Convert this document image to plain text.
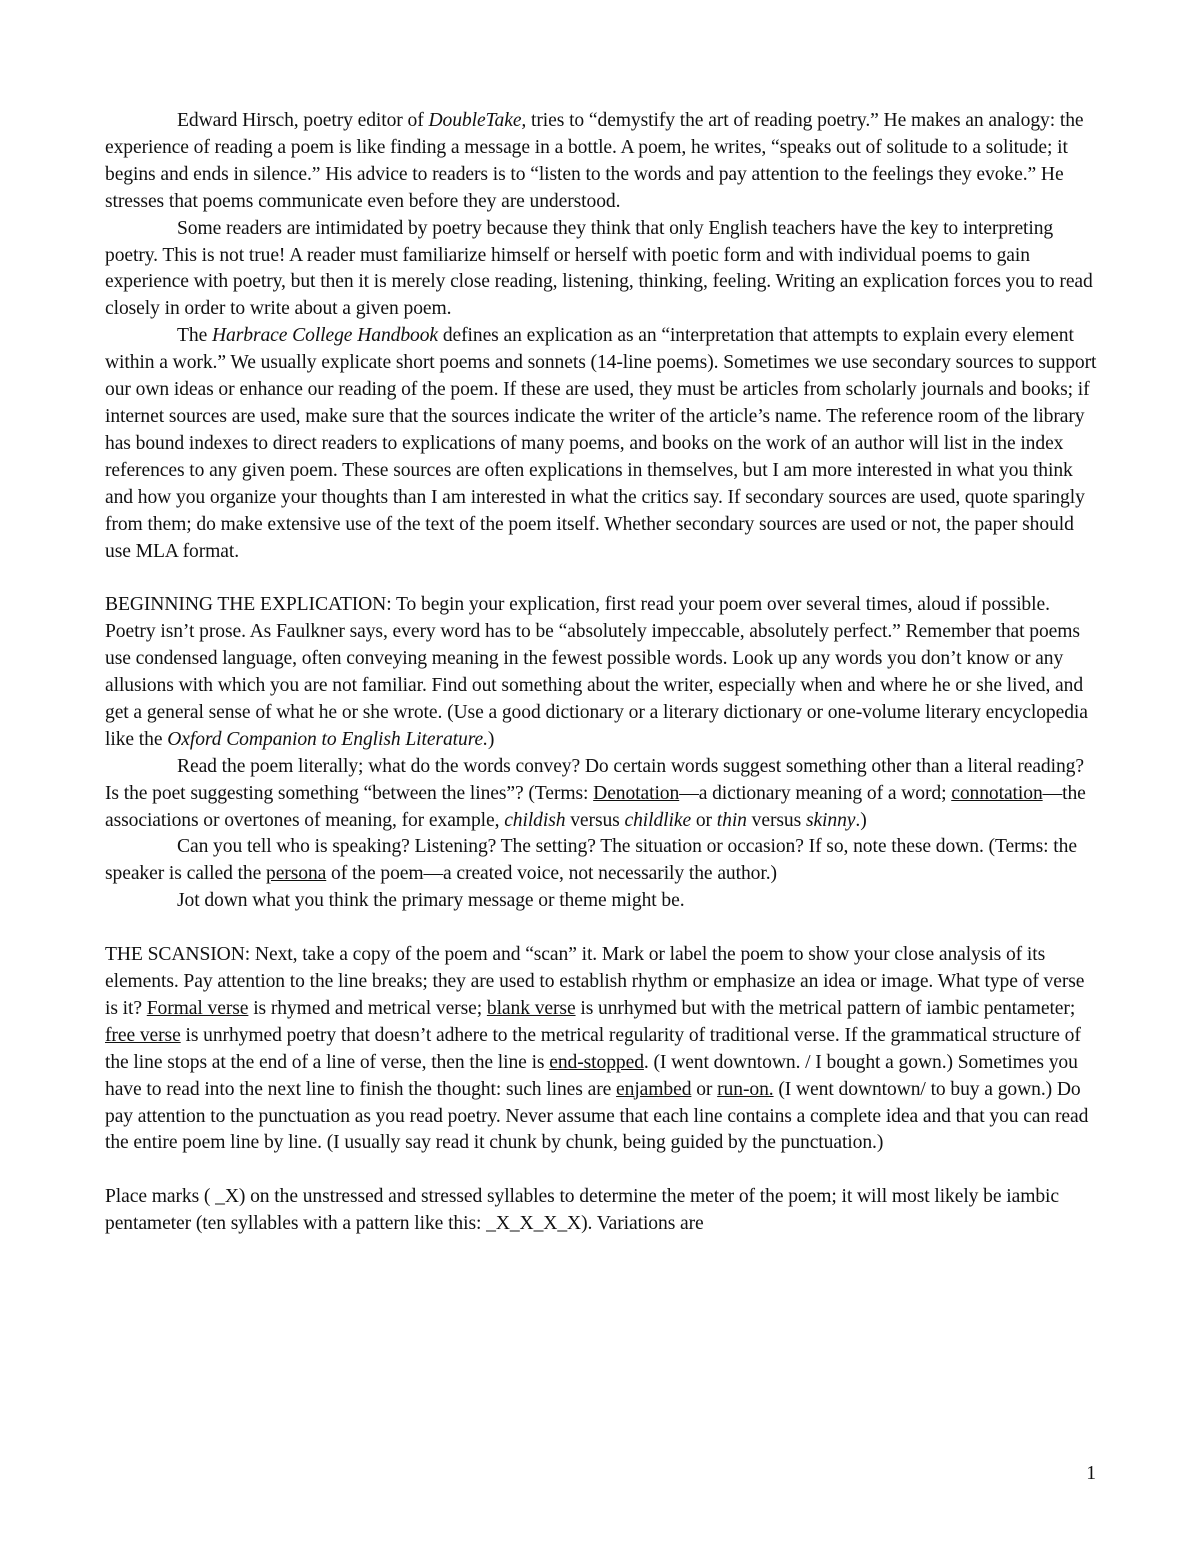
Edward Hirsch, poetry editor of DoubleTake, tries to “demystify the art of reading poetry.” He makes an analogy: the experience of reading a poem is like finding a message in a bottle. A poem, he writes, “speaks out of solitude to a solitude; it begins and ends in silence.” His advice to readers is to “listen to the words and pay attention to the feelings they evoke.” He stresses that poems communicate even before they are understood.

Some readers are intimidated by poetry because they think that only English teachers have the key to interpreting poetry. This is not true! A reader must familiarize himself or herself with poetic form and with individual poems to gain experience with poetry, but then it is merely close reading, listening, thinking, feeling. Writing an explication forces you to read closely in order to write about a given poem.

The Harbrace College Handbook defines an explication as an “interpretation that attempts to explain every element within a work.” We usually explicate short poems and sonnets (14-line poems). Sometimes we use secondary sources to support our own ideas or enhance our reading of the poem. If these are used, they must be articles from scholarly journals and books; if internet sources are used, make sure that the sources indicate the writer of the article’s name. The reference room of the library has bound indexes to direct readers to explications of many poems, and books on the work of an author will list in the index references to any given poem. These sources are often explications in themselves, but I am more interested in what you think and how you organize your thoughts than I am interested in what the critics say. If secondary sources are used, quote sparingly from them; do make extensive use of the text of the poem itself. Whether secondary sources are used or not, the paper should use MLA format.

BEGINNING THE EXPLICATION: To begin your explication, first read your poem over several times, aloud if possible. Poetry isn’t prose. As Faulkner says, every word has to be “absolutely impeccable, absolutely perfect.” Remember that poems use condensed language, often conveying meaning in the fewest possible words. Look up any words you don’t know or any allusions with which you are not familiar. Find out something about the writer, especially when and where he or she lived, and get a general sense of what he or she wrote. (Use a good dictionary or a literary dictionary or one-volume literary encyclopedia like the Oxford Companion to English Literature.)

Read the poem literally; what do the words convey? Do certain words suggest something other than a literal reading? Is the poet suggesting something “between the lines”? (Terms: Denotation—a dictionary meaning of a word; connotation—the associations or overtones of meaning, for example, childish versus childlike or thin versus skinny.)

Can you tell who is speaking? Listening? The setting? The situation or occasion? If so, note these down. (Terms: the speaker is called the persona of the poem—a created voice, not necessarily the author.)

Jot down what you think the primary message or theme might be.

THE SCANSION: Next, take a copy of the poem and “scan” it. Mark or label the poem to show your close analysis of its elements. Pay attention to the line breaks; they are used to establish rhythm or emphasize an idea or image. What type of verse is it? Formal verse is rhymed and metrical verse; blank verse is unrhymed but with the metrical pattern of iambic pentameter; free verse is unrhymed poetry that doesn’t adhere to the metrical regularity of traditional verse. If the grammatical structure of the line stops at the end of a line of verse, then the line is end-stopped. (I went downtown. / I bought a gown.) Sometimes you have to read into the next line to finish the thought: such lines are enjambed or run-on. (I went downtown/ to buy a gown.) Do pay attention to the punctuation as you read poetry. Never assume that each line contains a complete idea and that you can read the entire poem line by line. (I usually say read it chunk by chunk, being guided by the punctuation.)

Place marks ( _X) on the unstressed and stressed syllables to determine the meter of the poem; it will most likely be iambic pentameter (ten syllables with a pattern like this: _X_X_X_X). Variations are

1
